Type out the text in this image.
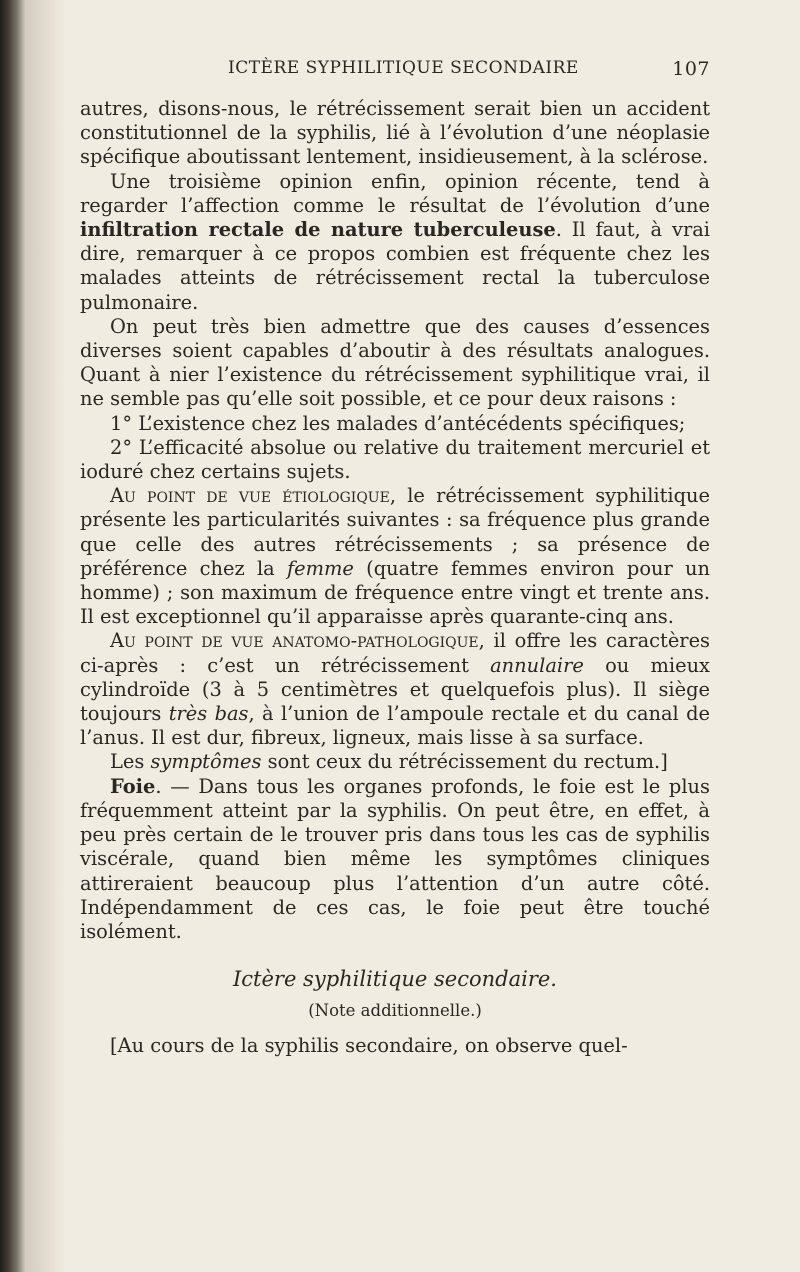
ICTÈRE SYPHILITIQUE SECONDAIRE	107

autres, disons-nous, le rétrécissement serait bien un accident constitutionnel de la syphilis, lié à l’évolution d’une néoplasie spécifique aboutissant lentement, insidieusement, à la sclérose.

Une troisième opinion enfin, opinion récente, tend à regarder l’affection comme le résultat de l’évolution d’une infiltration rectale de nature tuberculeuse. Il faut, à vrai dire, remarquer à ce propos combien est fréquente chez les malades atteints de rétrécissement rectal la tuberculose pulmonaire.

On peut très bien admettre que des causes d’essences diverses soient capables d’aboutir à des résultats analogues. Quant à nier l’existence du rétrécissement syphilitique vrai, il ne semble pas qu’elle soit possible, et ce pour deux raisons :

1° L’existence chez les malades d’antécédents spécifiques;

2° L’efficacité absolue ou relative du traitement mercuriel et ioduré chez certains sujets.

Au point de vue étiologique, le rétrécissement syphilitique présente les particularités suivantes : sa fréquence plus grande que celle des autres rétrécissements ; sa présence de préférence chez la femme (quatre femmes environ pour un homme) ; son maximum de fréquence entre vingt et trente ans. Il est exceptionnel qu’il apparaisse après quarante-cinq ans.

Au point de vue anatomo-pathologique, il offre les caractères ci-après : c’est un rétrécissement annulaire ou mieux cylindroïde (3 à 5 centimètres et quelquefois plus). Il siège toujours très bas, à l’union de l’ampoule rectale et du canal de l’anus. Il est dur, fibreux, ligneux, mais lisse à sa surface.

Les symptômes sont ceux du rétrécissement du rectum.]

Foie. — Dans tous les organes profonds, le foie est le plus fréquemment atteint par la syphilis. On peut être, en effet, à peu près certain de le trouver pris dans tous les cas de syphilis viscérale, quand bien même les symptômes cliniques attireraient beaucoup plus l’attention d’un autre côté. Indépendamment de ces cas, le foie peut être touché isolément.

Ictère syphilitique secondaire.
(Note additionnelle.)

[Au cours de la syphilis secondaire, on observe quel-
